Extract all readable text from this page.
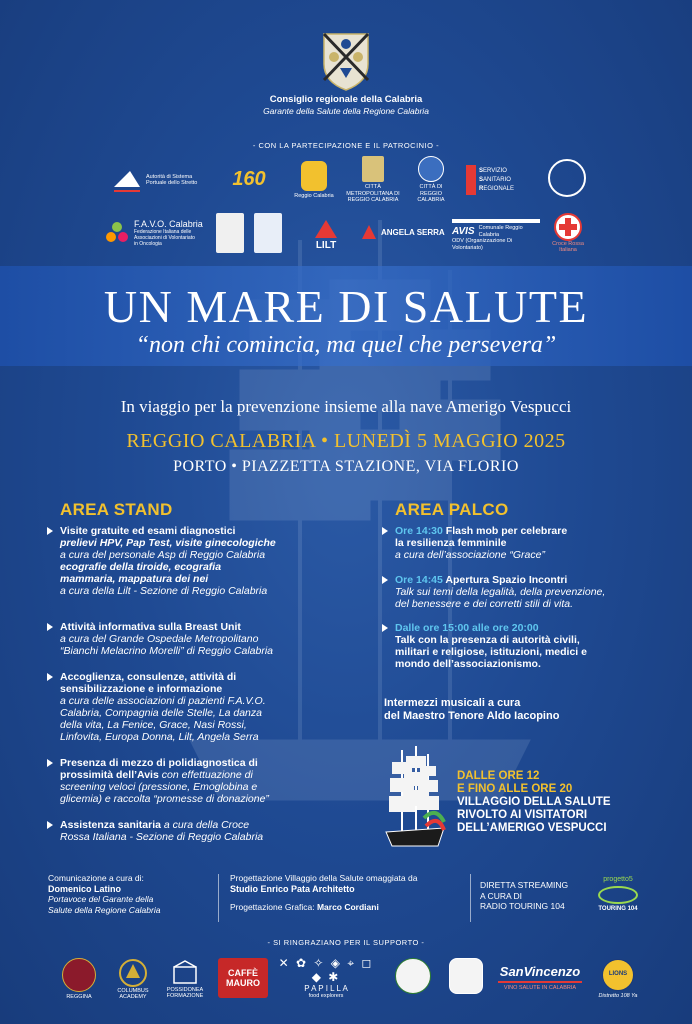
Consiglio regionale della Calabria
Garante della Salute della Regione Calabria
- CON LA PARTECIPAZIONE E IL PATROCINIO -
Autorità di Sistema Portuale dello Stretto	160
Reggio Calabria
CITTÀ METROPOLITANA DI REGGIO CALABRIA
CITTÀ DI REGGIO CALABRIA
SERVIZIO
SANITARIO
REGIONALE
F.A.V.O. Calabria
Federazione Italiana delle Associazioni di Volontariato in Oncologia	LILT
ANGELA SERRA AVIS Comunale Reggio Calabria
ODV (Organizzazione Di Volontariato)
Croce Rossa Italiana
UN MARE DI SALUTE
“non chi comincia, ma quel che persevera”
In viaggio per la prevenzione insieme alla nave Amerigo Vespucci
REGGIO CALABRIA • LUNEDÌ 5 MAGGIO 2025
PORTO • PIAZZETTA STAZIONE, VIA FLORIO
AREA STAND
Visite gratuite ed esami diagnostici
prelievi HPV, Pap Test, visite ginecologiche
a cura del personale Asp di Reggio Calabria
ecografie della tiroide, ecografia
mammaria, mappatura dei nei
a cura della Lilt - Sezione di Reggio Calabria
Attività informativa sulla Breast Unit
a cura del Grande Ospedale Metropolitano
“Bianchi Melacrino Morelli” di Reggio Calabria
Accoglienza, consulenze, attività di
sensibilizzazione e informazione
a cura delle associazioni di pazienti F.A.V.O.
Calabria, Compagnia delle Stelle, La danza
della vita, La Fenice, Grace, Nasi Rossi,
Linfovita, Europa Donna, Lilt, Angela Serra
Presenza di mezzo di polidiagnostica di
prossimità dell’Avis con effettuazione di
screening veloci (pressione, Emoglobina e
glicemia) e raccolta “promesse di donazione”
Assistenza sanitaria a cura della Croce
Rossa Italiana - Sezione di Reggio Calabria
AREA PALCO
Ore 14:30 Flash mob per celebrare
la resilienza femminile
a cura dell’associazione “Grace”
Ore 14:45 Apertura Spazio Incontri
Talk sui temi della legalità, della prevenzione,
del benessere e dei corretti stili di vita.
Dalle ore 15:00 alle ore 20:00
Talk con la presenza di autorità civili,
militari e religiose, istituzioni, medici e
mondo dell’associazionismo.
Intermezzi musicali a cura
del Maestro Tenore Aldo Iacopino
DALLE ORE 12
E FINO ALLE ORE 20
VILLAGGIO DELLA SALUTE
RIVOLTO AI VISITATORI
DELL’AMERIGO VESPUCCI
Comunicazione a cura di:
Domenico Latino
Portavoce del Garante della
Salute della Regione Calabria
Progettazione Villaggio della Salute omaggiata da
Studio Enrico Pata Architetto
Progettazione Grafica: Marco Cordiani
DIRETTA STREAMING
A CURA DI
RADIO TOURING 104
progetto5
TOURING 104
- SI RINGRAZIANO PER IL SUPPORTO -
REGGINA
COLUMBUS ACADEMY
POSSIDONEA FORMAZIONE
CAFFÈ MAURO
✕ ✿ ✧ ◈ ⌖ ◻ ◆ ✱
P A P I L L A
food explorers
SanVincenzo
VINO SALUTE IN CALABRIA
LIONS
Distretto 108 Ya
